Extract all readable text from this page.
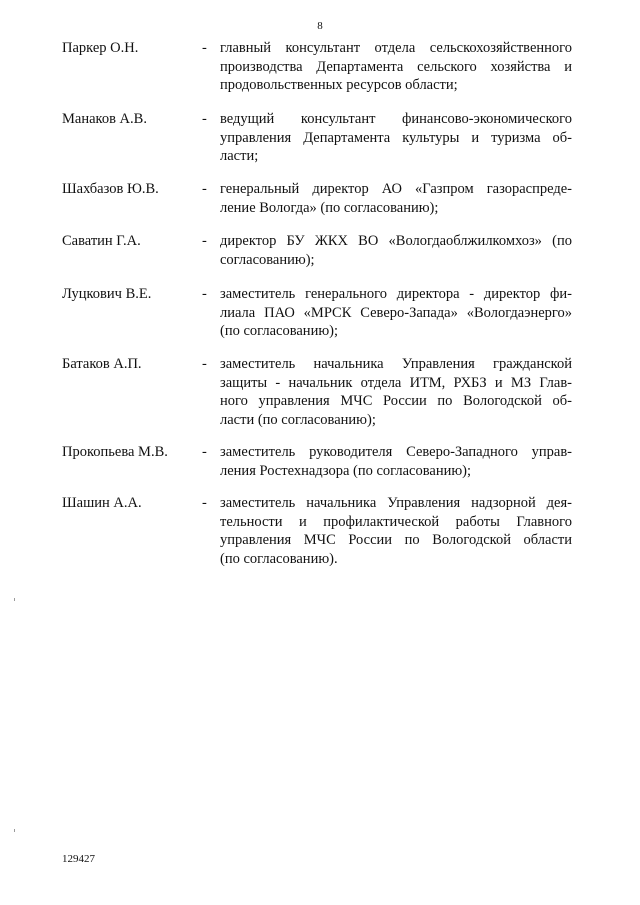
8
Паркер О.Н.	- главный консультант отдела сельскохозяйственного
производства Департамента сельского хозяйства и
продовольственных ресурсов области;
Манаков А.В.	- ведущий консультант финансово-экономического
управления Департамента культуры и туризма об-
ласти;
Шахбазов Ю.В.	- генеральный директор АО «Газпром газораспреде-
ление Вологда» (по согласованию);
Саватин Г.А.	- директор БУ ЖКХ ВО «Вологдаоблжилкомхоз» (по
согласованию);
Луцкович В.Е.	- заместитель генерального директора - директор фи-
лиала ПАО «МРСК Северо-Запада» «Вологдаэнерго»
(по согласованию);
Батаков А.П.	- заместитель начальника Управления гражданской
защиты - начальник отдела ИТМ, РХБЗ и МЗ Глав-
ного управления МЧС России по Вологодской об-
ласти (по согласованию);
Прокопьева М.В. - заместитель руководителя Северо-Западного управ-
ления Ростехнадзора (по согласованию);
Шашин А.А.	- заместитель начальника Управления надзорной дея-
тельности и профилактической работы Главного
управления МЧС России по Вологодской области
(по согласованию).
129427
